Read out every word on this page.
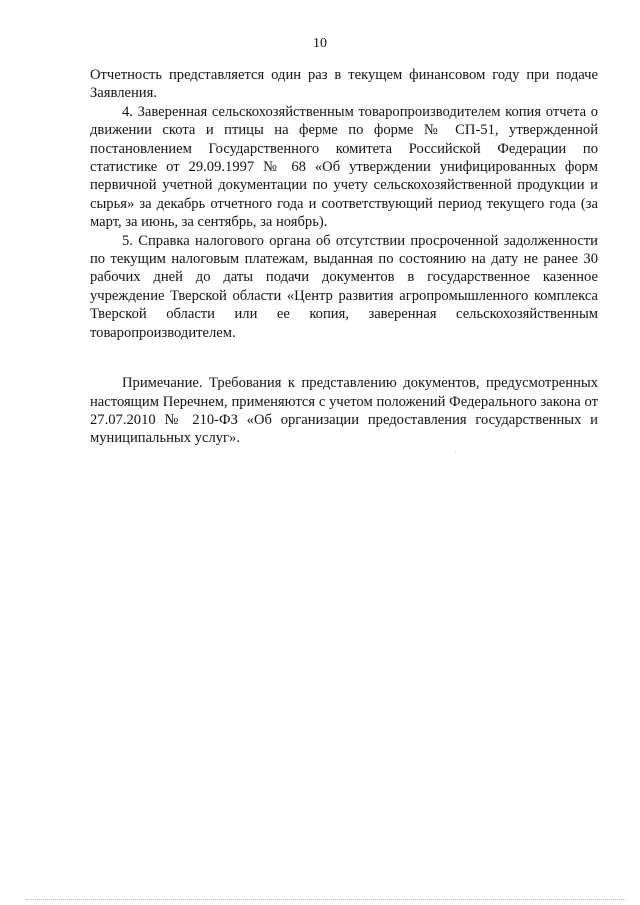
10

Отчетность представляется один раз в текущем финансовом году при подаче Заявления.

4. Заверенная сельскохозяйственным товаропроизводителем копия отчета о движении скота и птицы на ферме по форме № СП-51, утвержденной постановлением Государственного комитета Российской Федерации по статистике от 29.09.1997 № 68 «Об утверждении унифицированных форм первичной учетной документации по учету сельскохозяйственной продукции и сырья» за декабрь отчетного года и соответствующий период текущего года (за март, за июнь, за сентябрь, за ноябрь).

5. Справка налогового органа об отсутствии просроченной задолженности по текущим налоговым платежам, выданная по состоянию на дату не ранее 30 рабочих дней до даты подачи документов в государственное казенное учреждение Тверской области «Центр развития агропромышленного комплекса Тверской области или ее копия, заверенная сельскохозяйственным товаропроизводителем.

Примечание. Требования к представлению документов, предусмотренных настоящим Перечнем, применяются с учетом положений Федерального закона от 27.07.2010 № 210-ФЗ «Об организации предоставления государственных и муниципальных услуг».
